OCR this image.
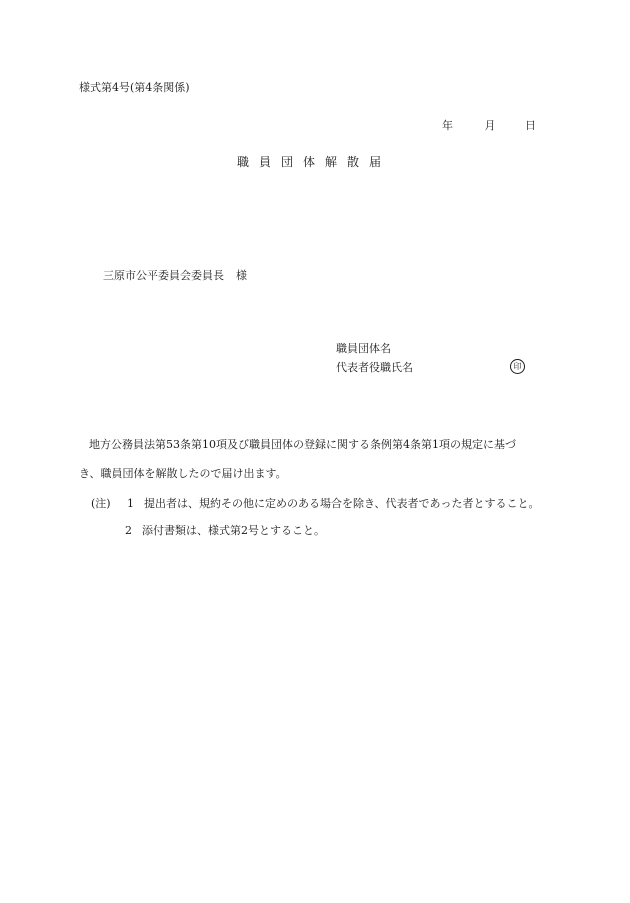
様式第4号(第4条関係)
年	月	日
職員団体解散届
三原市公平委員会委員長 様
職員団体名
代表者役職氏名	印
地方公務員法第53条第10項及び職員団体の登録に関する条例第4条第1項の規定に基づ
き、職員団体を解散したので届け出ます。
(注) 1 提出者は、規約その他に定めのある場合を除き、代表者であった者とすること。
2 添付書類は、様式第2号とすること。
